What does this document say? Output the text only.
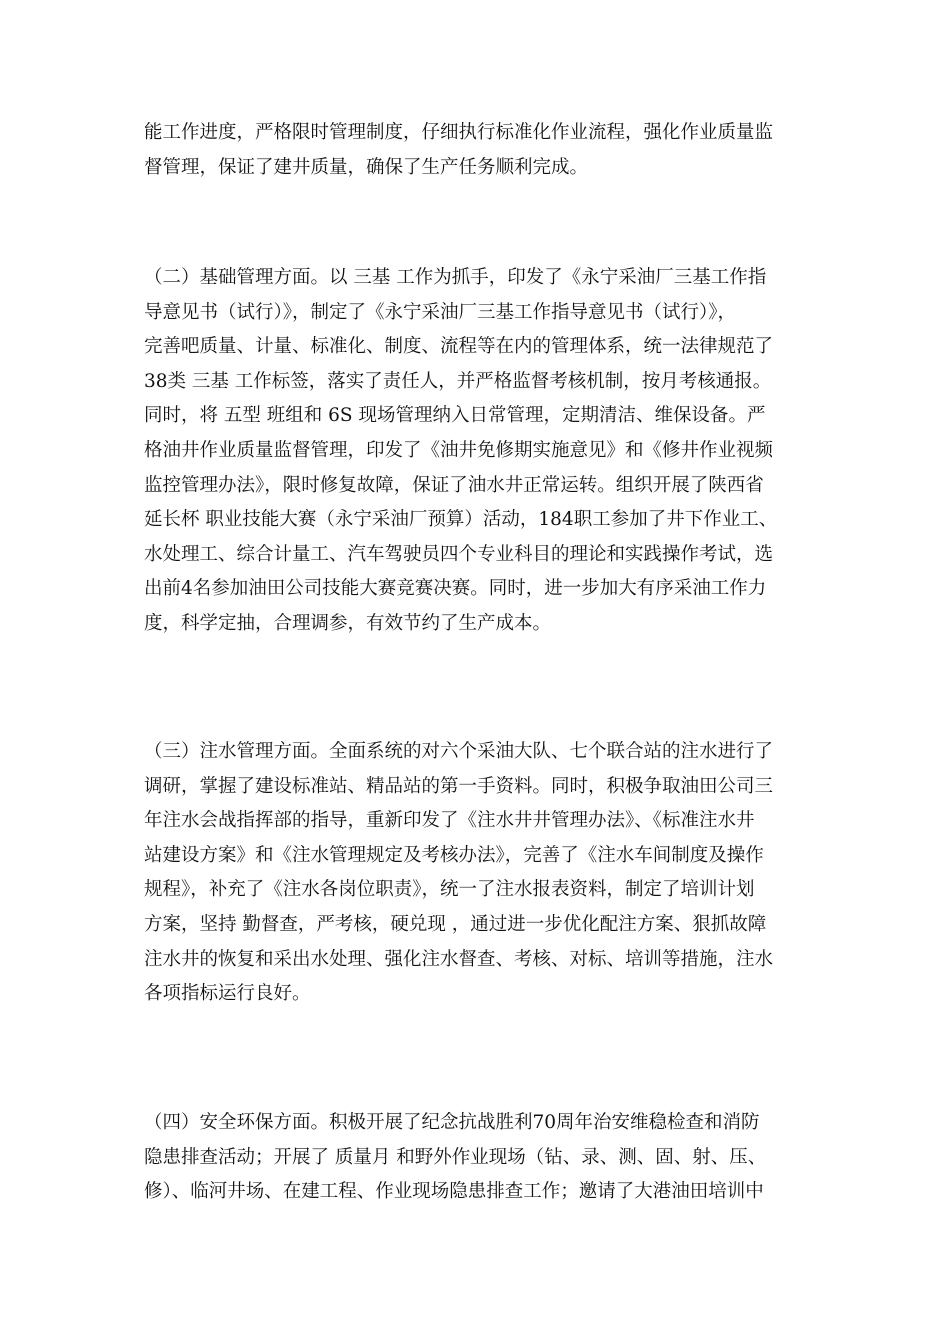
能工作进度，严格限时管理制度，仔细执行标准化作业流程，强化作业质量监
督管理，保证了建井质量，确保了生产任务顺利完成。

（二）基础管理方面。以 三基 工作为抓手，印发了《永宁采油厂三基工作指
导意见书（试行）》，制定了《永宁采油厂三基工作指导意见书（试行）》，
完善吧质量、计量、标准化、制度、流程等在内的管理体系，统一法律规范了
38类 三基 工作标签，落实了责任人，并严格监督考核机制，按月考核通报。
同时，将 五型 班组和 6S 现场管理纳入日常管理，定期清洁、维保设备。严
格油井作业质量监督管理，印发了《油井免修期实施意见》和《修井作业视频
监控管理办法》，限时修复故障，保证了油水井正常运转。组织开展了陕西省
延长杯 职业技能大赛（永宁采油厂预算）活动，184职工参加了井下作业工、
水处理工、综合计量工、汽车驾驶员四个专业科目的理论和实践操作考试，选
出前4名参加油田公司技能大赛竞赛决赛。同时，进一步加大有序采油工作力
度，科学定抽，合理调参，有效节约了生产成本。

（三）注水管理方面。全面系统的对六个采油大队、七个联合站的注水进行了
调研，掌握了建设标准站、精品站的第一手资料。同时，积极争取油田公司三
年注水会战指挥部的指导，重新印发了《注水井井管理办法》、《标准注水井
站建设方案》和《注水管理规定及考核办法》，完善了《注水车间制度及操作
规程》，补充了《注水各岗位职责》，统一了注水报表资料，制定了培训计划
方案，坚持 勤督查，严考核，硬兑现 ，通过进一步优化配注方案、狠抓故障
注水井的恢复和采出水处理、强化注水督查、考核、对标、培训等措施，注水
各项指标运行良好。

（四）安全环保方面。积极开展了纪念抗战胜利70周年治安维稳检查和消防
隐患排查活动；开展了 质量月 和野外作业现场（钻、录、测、固、射、压、
修）、临河井场、在建工程、作业现场隐患排查工作；邀请了大港油田培训中
